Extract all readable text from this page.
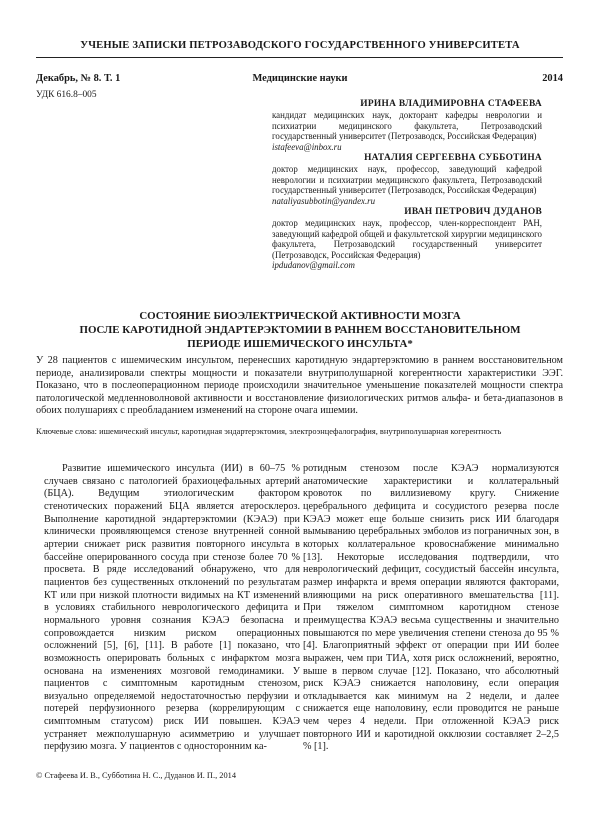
УЧЕНЫЕ ЗАПИСКИ ПЕТРОЗАВОДСКОГО ГОСУДАРСТВЕННОГО УНИВЕРСИТЕТА
Декабрь, № 8. Т. 1	Медицинские науки	2014
УДК 616.8–005
ИРИНА ВЛАДИМИРОВНА СТАФЕЕВА
кандидат медицинских наук, докторант кафедры неврологии и психиатрии медицинского факультета, Петрозаводский государственный университет (Петрозаводск, Российская Федерация)
istafeeva@inbox.ru
НАТАЛИЯ СЕРГЕЕВНА СУББОТИНА
доктор медицинских наук, профессор, заведующий кафедрой неврологии и психиатрии медицинского факультета, Петрозаводский государственный университет (Петрозаводск, Российская Федерация)
nataliyasubbotin@yandex.ru
ИВАН ПЕТРОВИЧ ДУДАНОВ
доктор медицинских наук, профессор, член-корреспондент РАН, заведующий кафедрой общей и факультетской хирургии медицинского факультета, Петрозаводский государственный университет (Петрозаводск, Российская Федерация)
ipdudanov@gmail.com
СОСТОЯНИЕ БИОЭЛЕКТРИЧЕСКОЙ АКТИВНОСТИ МОЗГА
ПОСЛЕ КАРОТИДНОЙ ЭНДАРТЕРЭКТОМИИ В РАННЕМ ВОССТАНОВИТЕЛЬНОМ
ПЕРИОДЕ ИШЕМИЧЕСКОГО ИНСУЛЬТА*
У 28 пациентов с ишемическим инсультом, перенесших каротидную эндартерэктомию в раннем восстановительном периоде, анализировали спектры мощности и показатели внутриполушарной когерентности характеристики ЭЭГ. Показано, что в послеоперационном периоде происходили значительное уменьшение показателей мощности спектра патологической медленноволновой активности и восстановление физиологических ритмов альфа- и бета-диапазонов в обоих полушариях с преобладанием изменений на стороне очага ишемии.
Ключевые слова: ишемический инсульт, каротидная эндартерэктомия, электроэнцефалография, внутриполушарная когерентность

Развитие ишемического инсульта (ИИ) в 60–75 % случаев связано с патологией брахиоцефальных артерий (БЦА). Ведущим этиологическим фактором стенотических поражений БЦА является атеросклероз. Выполнение каротидной эндартерэктомии (КЭАЭ) при клинически проявляющемся стенозе внутренней сонной артерии снижает риск развития повторного инсульта в бассейне оперированного сосуда при стенозе более 70 % просвета. В ряде исследований обнаружено, что для пациентов без существенных отклонений по результатам КТ или при низкой плотности видимых на КТ изменений в условиях стабильного неврологического дефицита и нормального уровня сознания КЭАЭ безопасна и сопровождается низким риском операционных осложнений [5], [6], [11]. В работе [1] показано, что возможность оперировать больных с инфарктом мозга основана на изменениях мозговой гемодинамики. У пациентов с симптомным каротидным стенозом, визуально определяемой недостаточностью перфузии и потерей перфузионного резерва (коррелирующим с симптомным статусом) риск ИИ повышен. КЭАЭ устраняет межполушарную асимметрию и улучшает перфузию мозга. У пациентов с односторонним ка-

ротидным стенозом после КЭАЭ нормализуются анатомические характеристики и коллатеральный кровоток по виллизиевому кругу. Снижение церебрального дефицита и сосудистого резерва после КЭАЭ может еще больше снизить риск ИИ благодаря вымыванию церебральных эмболов из пограничных зон, в которых коллатеральное кровоснабжение минимально [13]. Некоторые исследования подтвердили, что неврологический дефицит, сосудистый бассейн инсульта, размер инфаркта и время операции являются факторами, влияющими на риск оперативного вмешательства [11]. При тяжелом симптомном каротидном стенозе преимущества КЭАЭ весьма существенны и значительно повышаются по мере увеличения степени стеноза до 95 % [4]. Благоприятный эффект от операции при ИИ более выражен, чем при ТИА, хотя риск осложнений, вероятно, выше в первом случае [12]. Показано, что абсолютный риск КЭАЭ снижается наполовину, если операция откладывается как минимум на 2 недели, и далее снижается еще наполовину, если проводится не раньше чем через 4 недели. При отложенной КЭАЭ риск повторного ИИ и каротидной окклюзии составляет 2–2,5 % [1].

© Стафеева И. В., Субботина Н. С., Дуданов И. П., 2014
